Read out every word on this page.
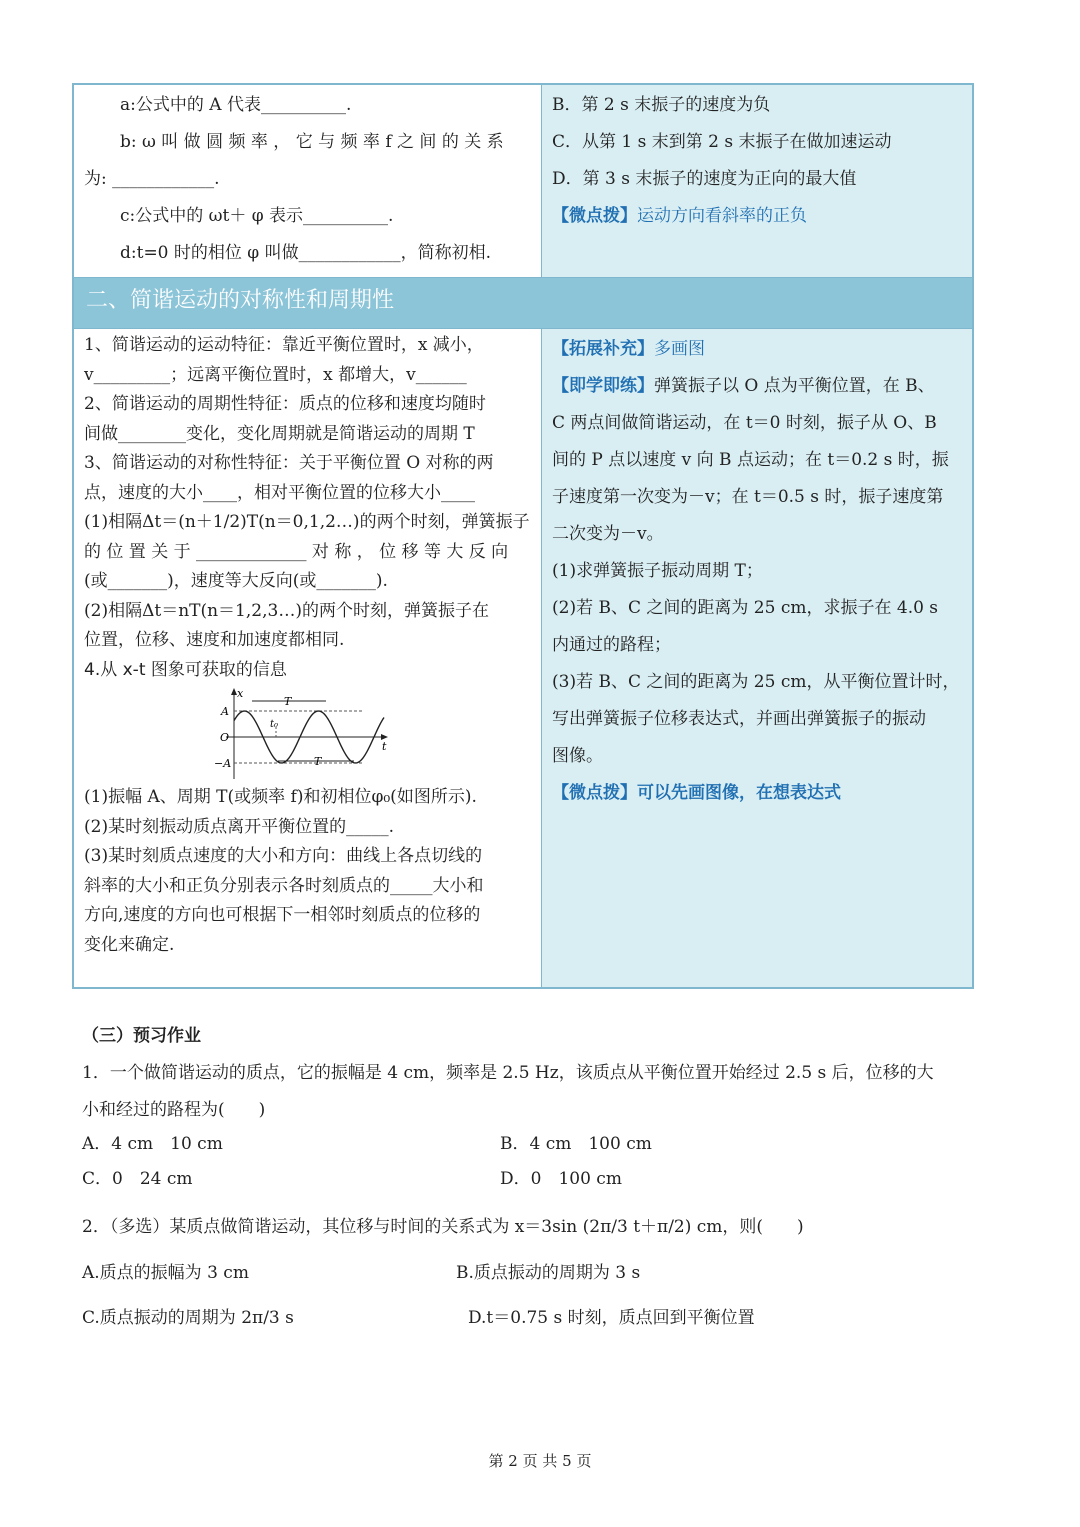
a:公式中的 A 代表__________.

b: ω 叫 做 圆 频 率 ， 它 与 频 率 f 之 间 的 关 系

为: ____________.

c:公式中的 ωt＋ φ 表示__________.

d:t=0 时的相位 φ 叫做____________，简称初相.

B．第 2 s 末振子的速度为负

C．从第 1 s 末到第 2 s 末振子在做加速运动

D．第 3 s 末振子的速度为正向的最大值

【微点拨】运动方向看斜率的正负

二、简谐运动的对称性和周期性

1、简谐运动的运动特征：靠近平衡位置时，x 减小，

v_________；远离平衡位置时，x 都增大，v______

2、简谐运动的周期性特征：质点的位移和速度均随时

间做________变化，变化周期就是简谐运动的周期 T

3、简谐运动的对称性特征：关于平衡位置 O 对称的两

点，速度的大小____，相对平衡位置的位移大小____

(1)相隔Δt＝(n＋1/2)T(n＝0,1,2…)的两个时刻，弹簧振子

的 位 置 关 于 _____________ 对 称 ， 位 移 等 大 反 向

(或_______)，速度等大反向(或_______).

(2)相隔Δt＝nT(n＝1,2,3…)的两个时刻，弹簧振子在

位置，位移、速度和加速度都相同.

4.从 x-t 图象可获取的信息

x
t
A
O
−A
T
T
t₀

(1)振幅 A、周期 T(或频率 f)和初相位φ₀(如图所示).

(2)某时刻振动质点离开平衡位置的_____.

(3)某时刻质点速度的大小和方向：曲线上各点切线的

斜率的大小和正负分别表示各时刻质点的_____大小和

方向,速度的方向也可根据下一相邻时刻质点的位移的

变化来确定.

【拓展补充】多画图

【即学即练】弹簧振子以 O 点为平衡位置，在 B、

C 两点间做简谐运动，在 t＝0 时刻，振子从 O、B

间的 P 点以速度 v 向 B 点运动；在 t＝0.2 s 时，振

子速度第一次变为－v；在 t＝0.5 s 时，振子速度第

二次变为－v。

(1)求弹簧振子振动周期 T；

(2)若 B、C 之间的距离为 25 cm，求振子在 4.0 s

内通过的路程；

(3)若 B、C 之间的距离为 25 cm，从平衡位置计时，

写出弹簧振子位移表达式，并画出弹簧振子的振动

图像。

【微点拨】可以先画图像，在想表达式

（三）预习作业

1．一个做简谐运动的质点，它的振幅是 4 cm，频率是 2.5 Hz，该质点从平衡位置开始经过 2.5 s 后，位移的大

小和经过的路程为(　　)

A．4 cm　10 cm	B．4 cm　100 cm
C．0　24 cm	D．0　100 cm

2．（多选）某质点做简谐运动，其位移与时间的关系式为 x＝3sin (2π/3 t＋π/2) cm，则(　　)

A.质点的振幅为 3 cm	B.质点振动的周期为 3 s
C.质点振动的周期为 2π/3 s	D.t＝0.75 s 时刻，质点回到平衡位置
第 2 页 共 5 页
